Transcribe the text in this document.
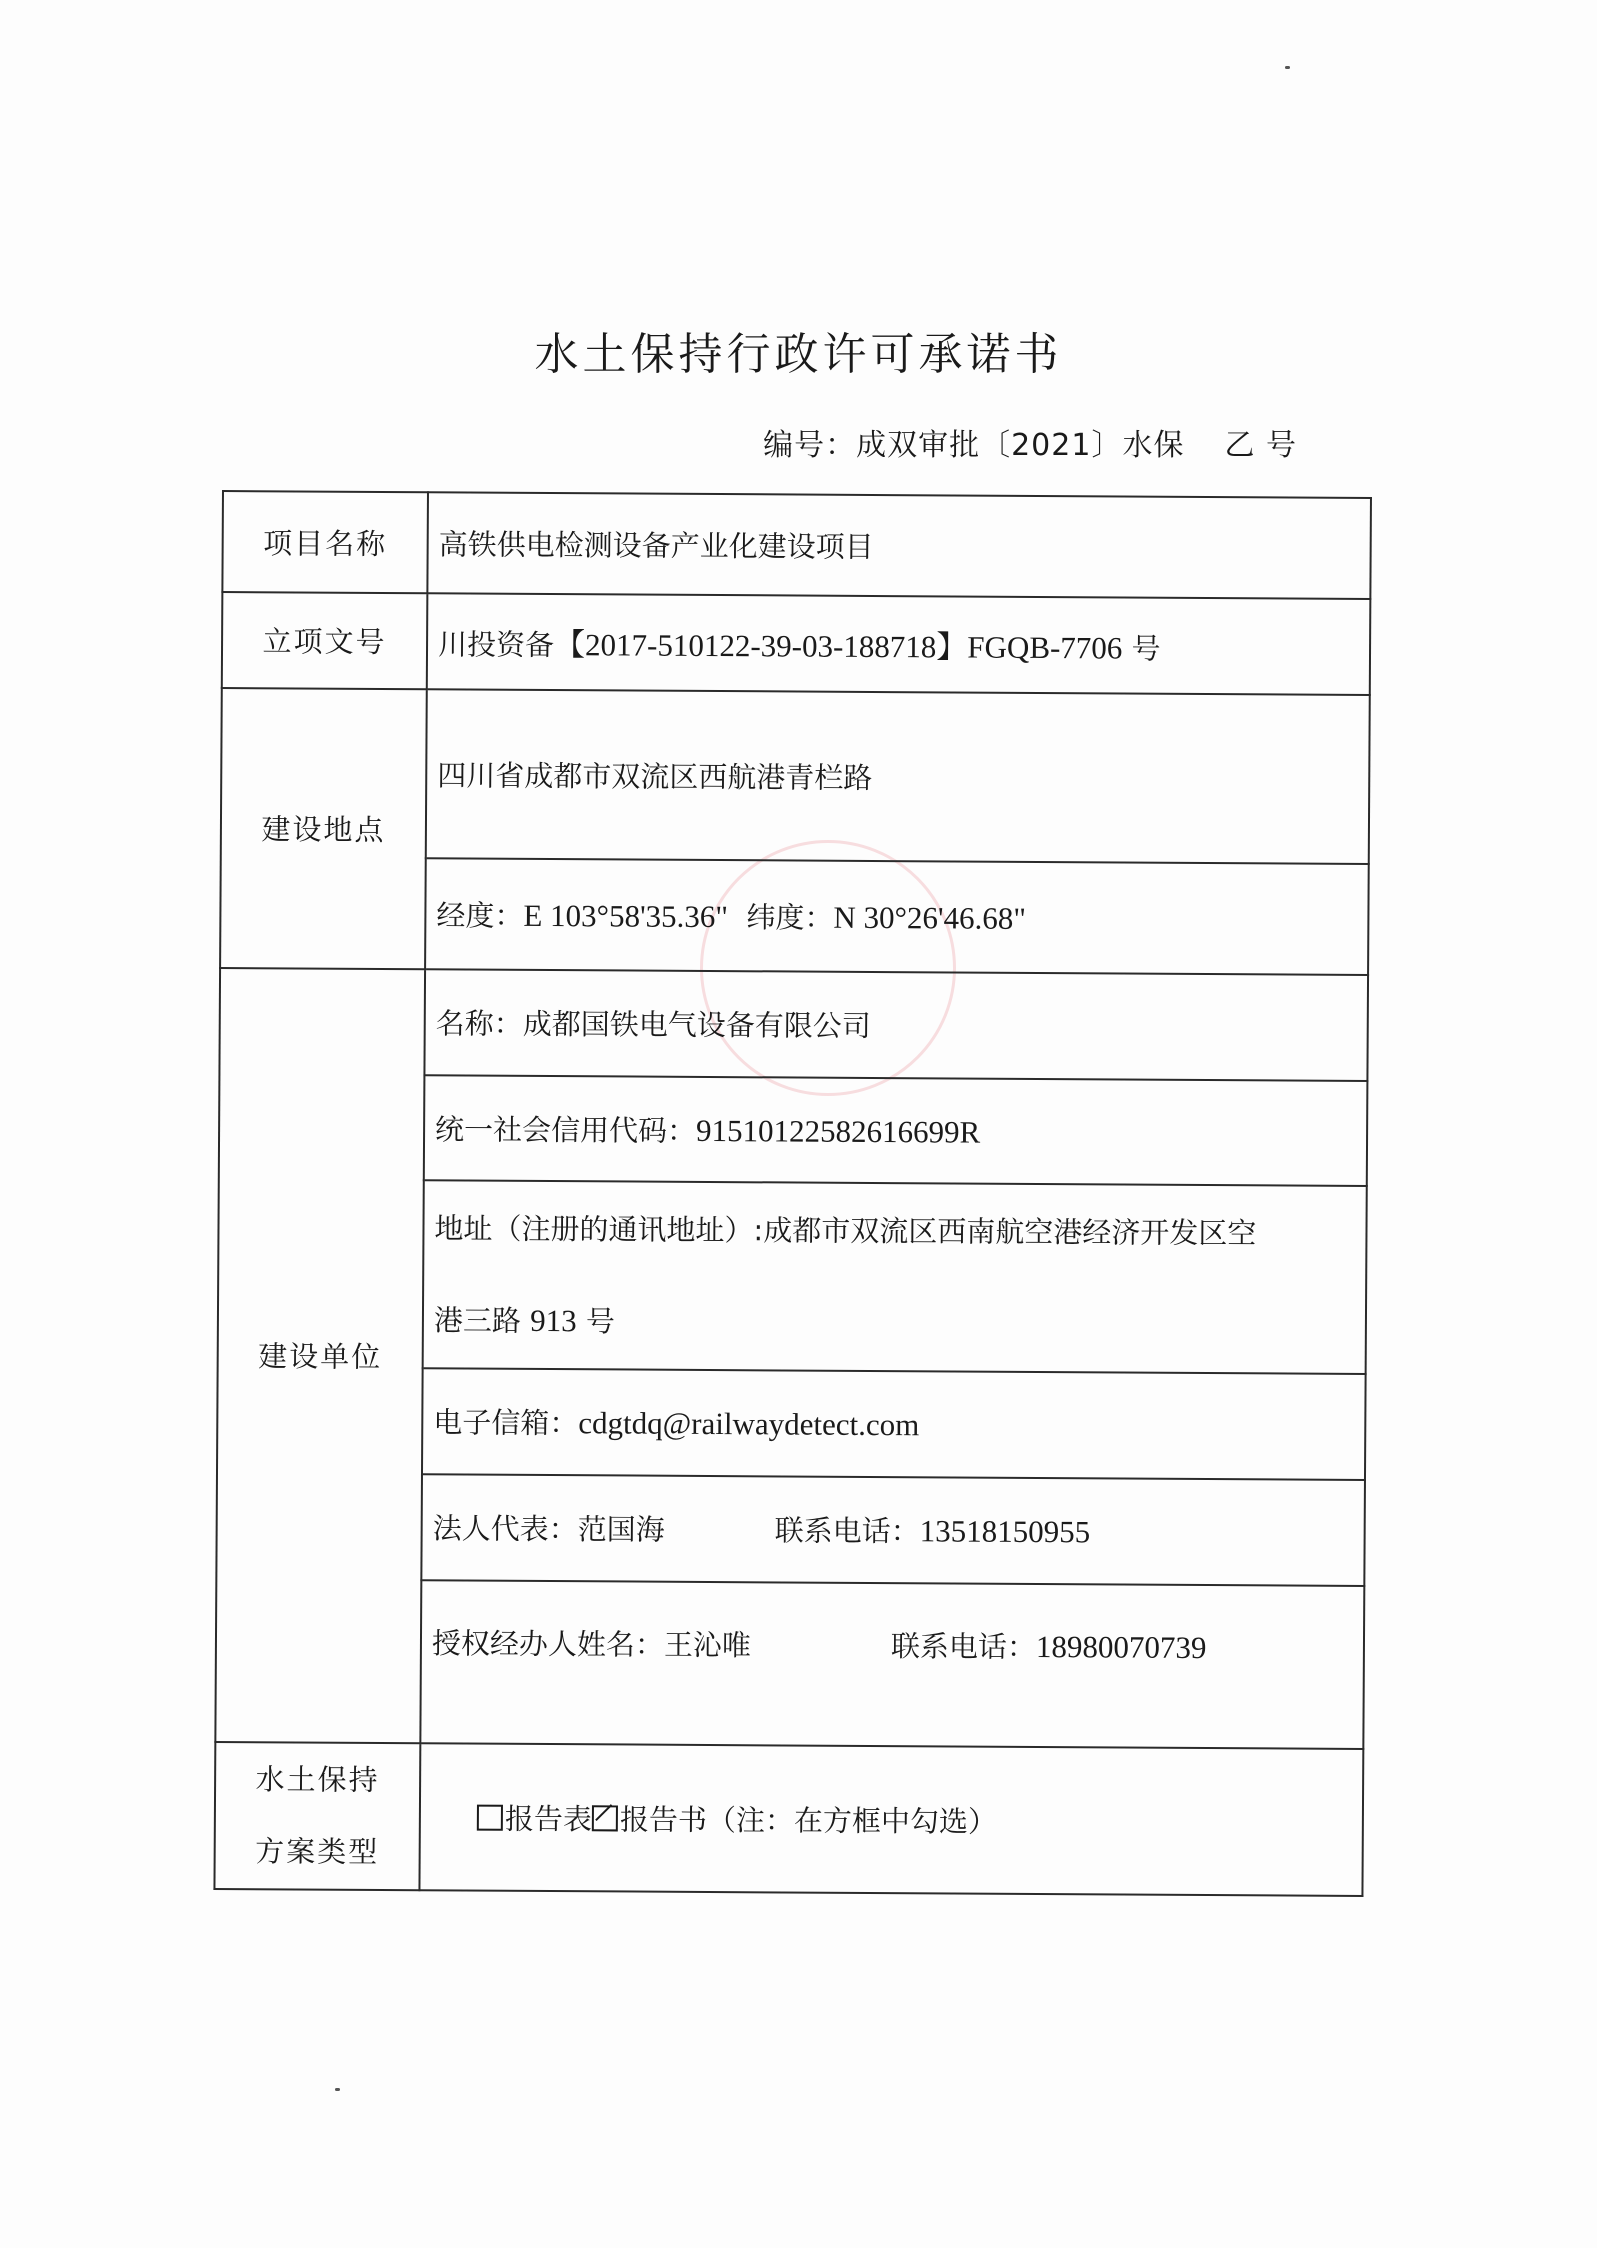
水土保持行政许可承诺书
编号：成双审批〔2021〕水保 乙 号
项目名称	高铁供电检测设备产业化建设项目
立项文号	川投资备【2017-510122-39-03-188718】FGQB-7706 号
建设地点	四川省成都市双流区西航港青栏路
	经度：E 103°58'35.36" 纬度：N 30°26'46.68"
建设单位	名称：成都国铁电气设备有限公司
	统一社会信用代码：91510122582616699R
	地址（注册的通讯地址）:成都市双流区西南航空港经济开发区空
港三路 913 号
	电子信箱：cdgtdq@railwaydetect.com
	法人代表：范国海 联系电话：13518150955
	授权经办人姓名：王沁唯 联系电话：18980070739
水土保持
方案类型	报告表 报告书（注：在方框中勾选）
